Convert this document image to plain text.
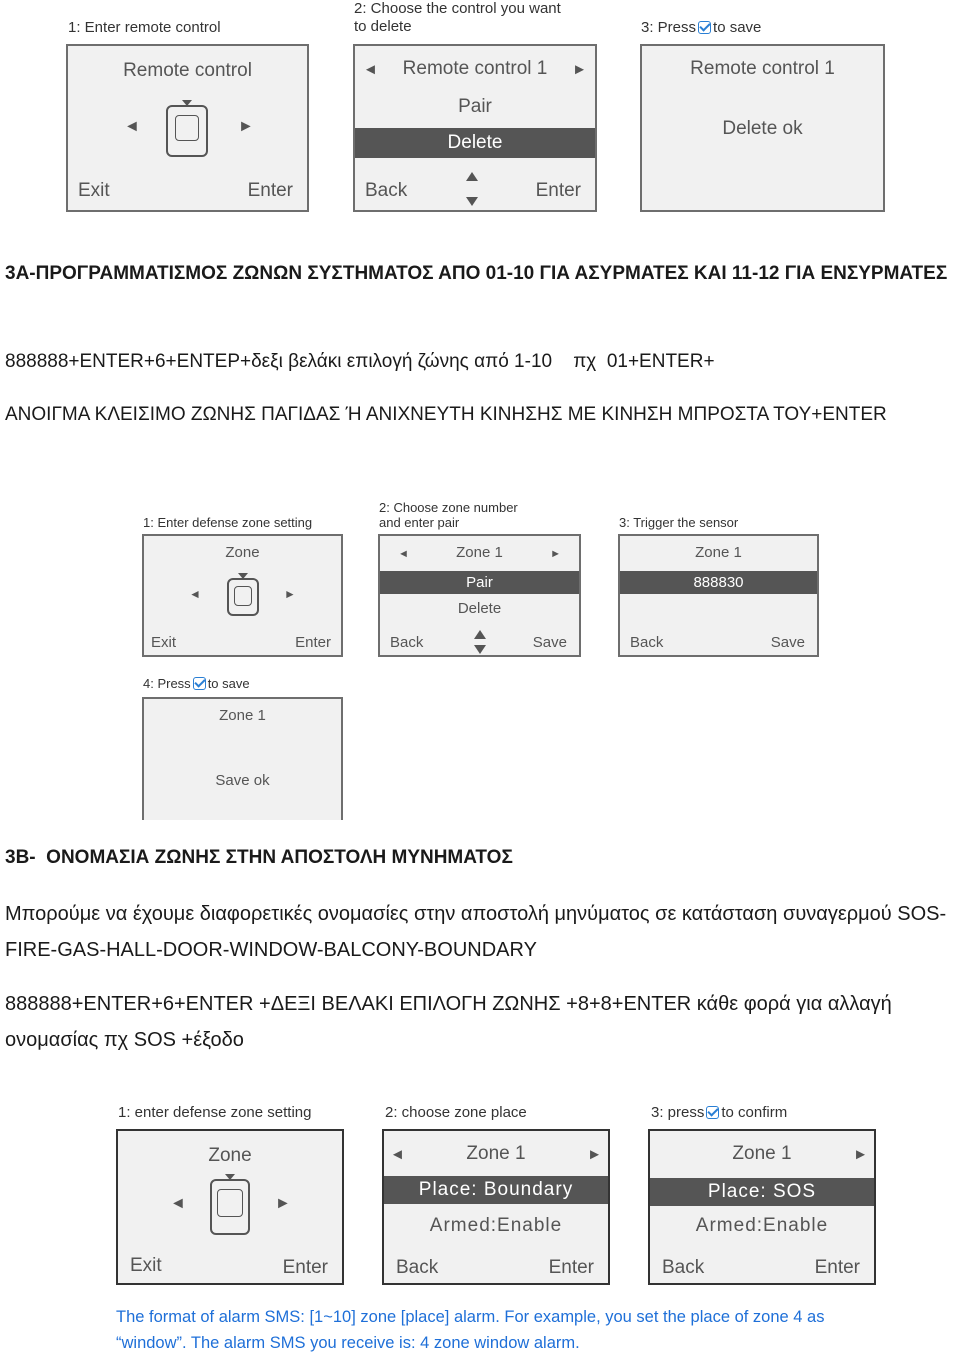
1: Enter remote control
2: Choose the control you want to delete	3: Press to save
Remote control
◄	►
Exit	Enter
◄	Remote control 1	►
Pair
Delete
Back	Enter
Remote control 1
Delete ok
3Α-ΠΡΟΓΡΑΜΜΑΤΙΣΜΟΣ ΖΩΝΩΝ ΣΥΣΤΗΜΑΤΟΣ ΑΠΟ 01-10 ΓΙΑ ΑΣΥΡΜΑΤΕΣ ΚΑΙ 11-12 ΓΙΑ ΕΝΣΥΡΜΑΤΕΣ
888888+ENTER+6+ENTEP+δεξι βελάκι επιλογή ζώνης από 1-10    πχ  01+ENTER+
ΑΝΟΙΓΜΑ ΚΛΕΙΣΙΜΟ ΖΩΝΗΣ ΠΑΓΙΔΑΣ Ή ΑΝΙΧΝΕΥΤΗ ΚΙΝΗΣΗΣ ΜΕ ΚΙΝΗΣΗ ΜΠΡΟΣΤΑ ΤΟΥ+ENTER
1: Enter defense zone setting
2: Choose zone number and enter pair	3: Trigger the sensor
Zone
◄	►
Exit	Enter
◄	Zone 1	►
Pair
Delete
Back	Save
Zone 1
888830
Back	Save
4: Press to save
Zone 1
Save ok
3Β-  ΟΝΟΜΑΣΙΑ ΖΩΝΗΣ ΣΤΗΝ ΑΠΟΣΤΟΛΗ ΜΥΝΗΜΑΤΟΣ
Μπορούμε να έχουμε διαφορετικές ονομασίες στην αποστολή μηνύματος σε κατάσταση συναγερμού SOS-FIRE-GAS-HALL-DOOR-WINDOW-BALCONY-BOUNDARY
888888+ENTER+6+ENTER +ΔΕΞΙ ΒΕΛΑΚΙ ΕΠΙΛΟΓΗ ΖΩΝΗΣ +8+8+ENTER κάθε φορά για αλλαγή ονομασίας πχ SOS +έξοδο
1: enter defense zone setting	2: choose zone place	3: press to confirm
Zone
◄	►
Exit	Enter
◄	Zone 1	►
Place: Boundary
Armed:Enable
Back	Enter
Zone 1	►
Place: SOS
Armed:Enable
Back	Enter
The format of alarm SMS: [1~10] zone [place] alarm. For example, you set the place of zone 4 as “window”. The alarm SMS you receive is: 4 zone window alarm.
